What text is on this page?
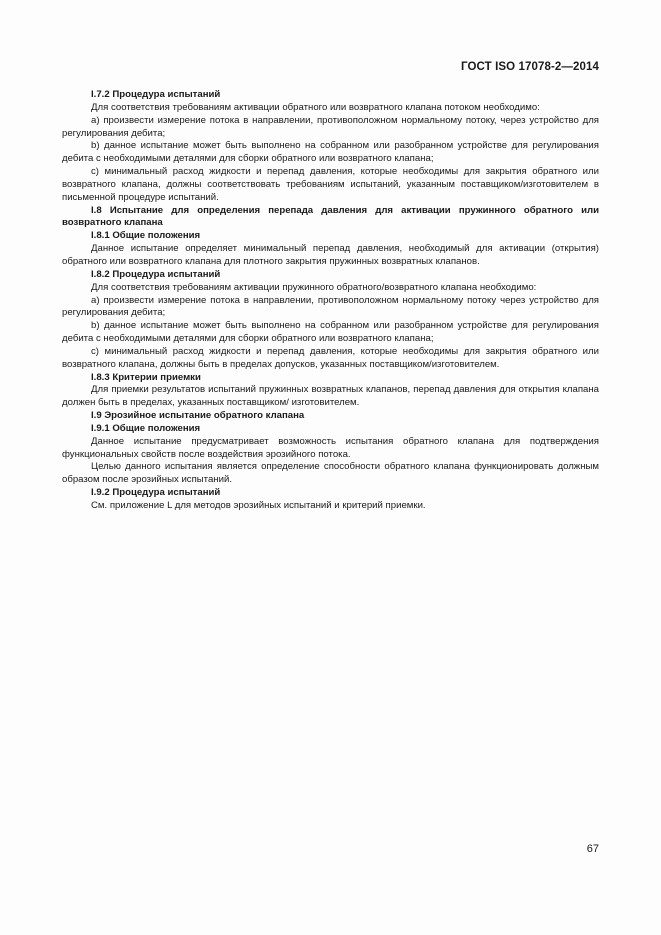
ГОСТ ISO 17078-2—2014

I.7.2 Процедура испытаний

Для соответствия требованиям активации обратного или возвратного клапана потоком необходимо:

a) произвести измерение потока в направлении, противоположном нормальному потоку, через устройство для регулирования дебита;

b) данное испытание может быть выполнено на собранном или разобранном устройстве для регулирования дебита с необходимыми деталями для сборки обратного или возвратного клапана;

c) минимальный расход жидкости и перепад давления, которые необходимы для закрытия обратного или возвратного клапана, должны соответствовать требованиям испытаний, указанным поставщиком/изготовителем в письменной процедуре испытаний.

I.8 Испытание для определения перепада давления для активации пружинного обратного или возвратного клапана

I.8.1 Общие положения

Данное испытание определяет минимальный перепад давления, необходимый для активации (открытия) обратного или возвратного клапана для плотного закрытия пружинных возвратных клапанов.

I.8.2 Процедура испытаний

Для соответствия требованиям активации пружинного обратного/возвратного клапана необходимо:

a) произвести измерение потока в направлении, противоположном нормальному потоку через устройство для регулирования дебита;

b) данное испытание может быть выполнено на собранном или разобранном устройстве для регулирования дебита с необходимыми деталями для сборки обратного или возвратного клапана;

c) минимальный расход жидкости и перепад давления, которые необходимы для закрытия обратного или возвратного клапана, должны быть в пределах допусков, указанных поставщиком/изготовителем.

I.8.3 Критерии приемки

Для приемки результатов испытаний пружинных возвратных клапанов, перепад давления для открытия клапана должен быть в пределах, указанных поставщиком/ изготовителем.

I.9 Эрозийное испытание обратного клапана

I.9.1 Общие положения

Данное испытание предусматривает возможность испытания обратного клапана для подтверждения функциональных свойств после воздействия эрозийного потока.

Целью данного испытания является определение способности обратного клапана функционировать должным образом после эрозийных испытаний.

I.9.2 Процедура испытаний

См. приложение L для методов эрозийных испытаний и критерий приемки.

67
